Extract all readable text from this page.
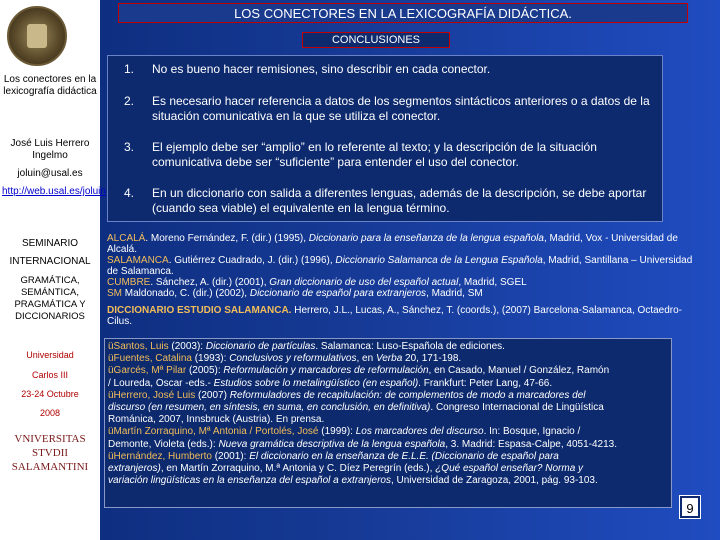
Los conectores en la lexicografía didáctica
José Luis Herrero Ingelmo
joluin@usal.es
http://web.usal.es/joluin
SEMINARIO
INTERNACIONAL
GRAMÁTICA, SEMÁNTICA, PRAGMÁTICA Y DICCIONARIOS
Universidad
Carlos III
23-24 Octubre
2008
VNIVERSITAS
STVDII
SALAMANTINI
LOS CONECTORES EN LA LEXICOGRAFÍA DIDÁCTICA.
CONCLUSIONES
1.	No es bueno hacer remisiones, sino describir en cada conector.
2.	Es necesario hacer referencia a datos de los segmentos sintácticos anteriores o a datos de la situación comunicativa en la que se utiliza el conector.
3.	El ejemplo debe ser “amplio” en lo referente al texto; y la descripción de la situación comunicativa debe ser “suficiente” para entender el uso del conector.
4.	En un diccionario con salida a diferentes lenguas, además de la descripción, se debe aportar (cuando sea viable) el equivalente en la lengua término.
ALCALÁ. Moreno Fernández, F. (dir.) (1995), Diccionario para la enseñanza de la lengua española, Madrid, Vox - Universidad de Alcalá.
SALAMANCA. Gutiérrez Cuadrado, J. (dir.) (1996), Diccionario Salamanca de la Lengua Española, Madrid, Santillana – Universidad de Salamanca.
CUMBRE. Sánchez, A. (dir.) (2001), Gran diccionario de uso del español actual, Madrid, SGEL
SM Maldonado, C. (dir.) (2002), Diccionario de español para extranjeros, Madrid, SM
DICCIONARIO ESTUDIO SALAMANCA. Herrero, J.L., Lucas, A., Sánchez, T. (coords.), (2007) Barcelona-Salamanca, Octaedro-Cilus.
üSantos, Luis (2003): Diccionario de partículas. Salamanca: Luso-Española de ediciones.
üFuentes, Catalina (1993): Conclusivos y reformulativos, en Verba 20, 171-198.
üGarcés, Mª Pilar (2005): Reformulación y marcadores de reformulación, en Casado, Manuel / González, Ramón
/ Loureda, Óscar -eds.- Estudios sobre lo metalingüístico (en español). Frankfurt: Peter Lang, 47-66.
üHerrero, José Luis (2007) Reformuladores de recapitulación: de complementos de modo a marcadores del
discurso (en resumen, en síntesis, en suma, en conclusión, en definitiva). Congreso Internacional de Lingüística
Románica, 2007, Innsbruck (Austria). En prensa.
üMartín Zorraquino, Mª Antonia / Portolés, José (1999): Los marcadores del discurso. In: Bosque, Ignacio /
Demonte, Violeta (eds.): Nueva gramática descriptiva de la lengua española, 3. Madrid: Espasa-Calpe, 4051-4213.
üHernández, Humberto (2001): El diccionario en la enseñanza de E.L.E. (Diccionario de español para
extranjeros), en Martín Zorraquino, M.ª Antonia y C. Díez Peregrín (eds.), ¿Qué español enseñar? Norma y
variación lingüísticas en la enseñanza del español a extranjeros, Universidad de Zaragoza, 2001, pág. 93-103.
9
